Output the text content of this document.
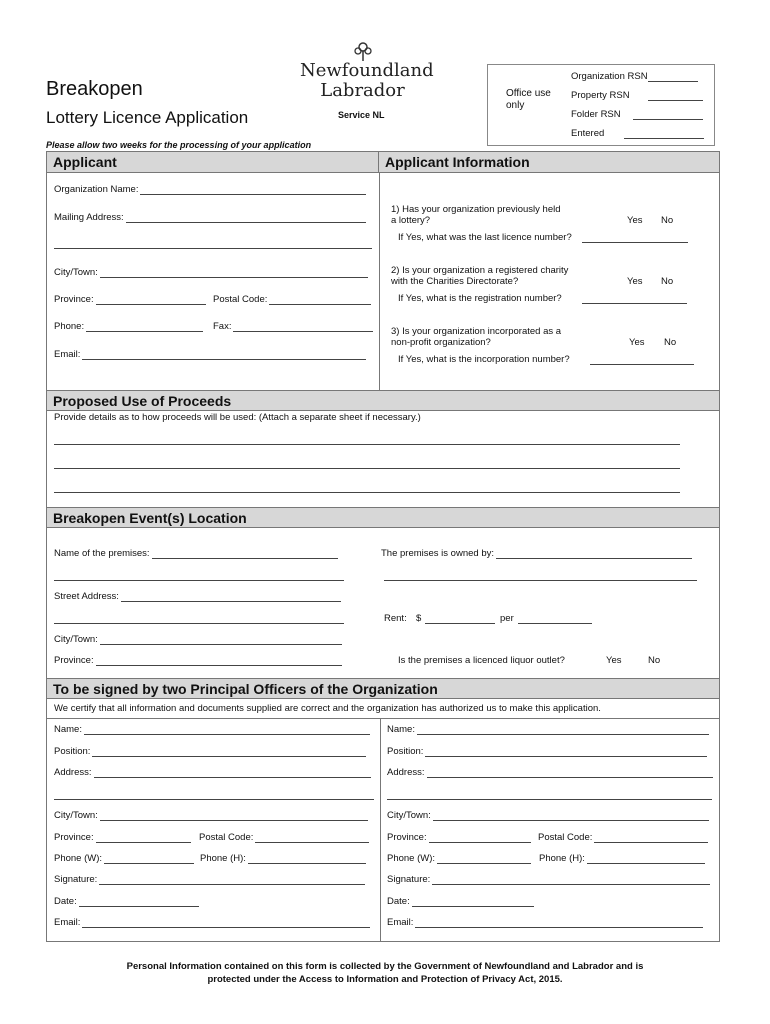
Breakopen
Lottery Licence Application
Newfoundland
Labrador
Service NL
Office use only
Organization RSN
Property RSN
Folder RSN
Entered
Please allow two weeks for the processing of your application
Applicant	Applicant Information
Organization Name:
Mailing Address:
City/Town:
Province:	Postal Code:
Phone:	Fax:
Email:
1) Has your organization previously held
a lottery?	Yes No
If Yes, what was the last licence number?
2) Is your organization a registered charity
with the Charities Directorate?	Yes No
If Yes, what is the registration number?
3) Is your organization incorporated as a
non-profit organization?	Yes No
If Yes, what is the incorporation number?
Proposed Use of Proceeds
Provide details as to how proceeds will be used: (Attach a separate sheet if necessary.)
Breakopen Event(s) Location
Name of the premises:
Street Address:
City/Town:
Province:
The premises is owned by:
Rent: $	per
Is the premises a licenced liquor outlet?	Yes	No
To be signed by two Principal Officers of the Organization
We certify that all information and documents supplied are correct and the organization has authorized us to make this application.
Name:
Position:
Address:
City/Town:
Province:	Postal Code:
Phone (W):	Phone (H):
Signature:
Date:
Email:
Name:
Position:
Address:
City/Town:
Province:	Postal Code:
Phone (W):	Phone (H):
Signature:
Date:
Email:
Personal Information contained on this form is collected by the Government of Newfoundland and Labrador and is
protected under the Access to Information and Protection of Privacy Act, 2015.
